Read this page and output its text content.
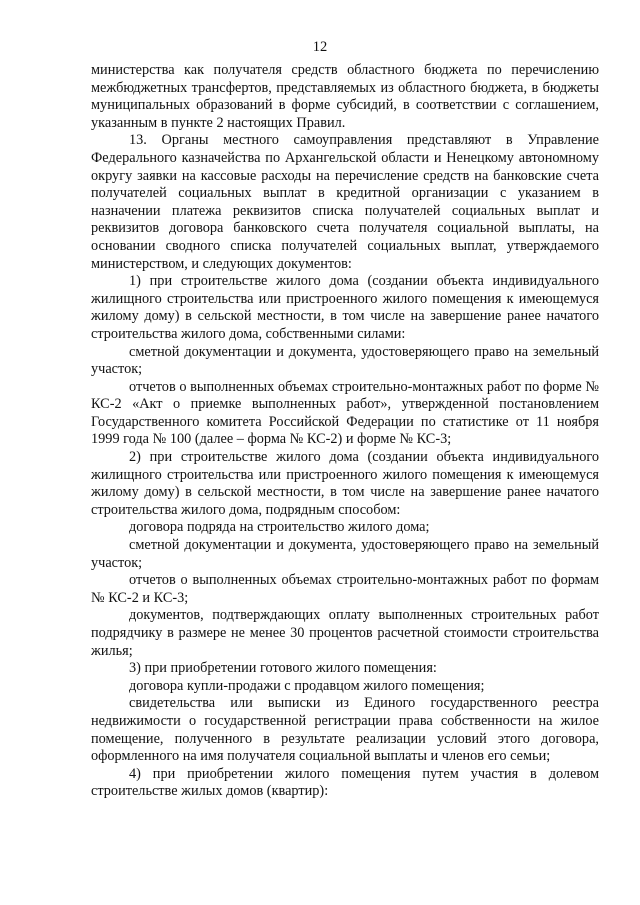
12

министерства как получателя средств областного бюджета по перечислению межбюджетных трансфертов, представляемых из областного бюджета, в бюджеты муниципальных образований в форме субсидий, в соответствии с соглашением, указанным в пункте 2 настоящих Правил.

13. Органы местного самоуправления представляют в Управление Федерального казначейства по Архангельской области и Ненецкому автономному округу заявки на кассовые расходы на перечисление средств на банковские счета получателей социальных выплат в кредитной организации с указанием в назначении платежа реквизитов списка получателей социальных выплат и реквизитов договора банковского счета получателя социальной выплаты, на основании сводного списка получателей социальных выплат, утверждаемого министерством, и следующих документов:

1) при строительстве жилого дома (создании объекта индивидуального жилищного строительства или пристроенного жилого помещения к имеющемуся жилому дому) в сельской местности, в том числе на завершение ранее начатого строительства жилого дома, собственными силами:

сметной документации и документа, удостоверяющего право на земельный участок;

отчетов о выполненных объемах строительно-монтажных работ по форме № КС-2 «Акт о приемке выполненных работ», утвержденной постановлением Государственного комитета Российской Федерации по статистике от 11 ноября 1999 года № 100 (далее – форма № КС-2) и форме № КС-3;

2) при строительстве жилого дома (создании объекта индивидуального жилищного строительства или пристроенного жилого помещения к имеющемуся жилому дому) в сельской местности, в том числе на завершение ранее начатого строительства жилого дома, подрядным способом:

договора подряда на строительство жилого дома;

сметной документации и документа, удостоверяющего право на земельный участок;

отчетов о выполненных объемах строительно-монтажных работ по формам № КС-2 и КС-3;

документов, подтверждающих оплату выполненных строительных работ подрядчику в размере не менее 30 процентов расчетной стоимости строительства жилья;

3) при приобретении готового жилого помещения:

договора купли-продажи с продавцом жилого помещения;

свидетельства или выписки из Единого государственного реестра недвижимости о государственной регистрации права собственности на жилое помещение, полученного в результате реализации условий этого договора, оформленного на имя получателя социальной выплаты и членов его семьи;

4) при приобретении жилого помещения путем участия в долевом строительстве жилых домов (квартир):
